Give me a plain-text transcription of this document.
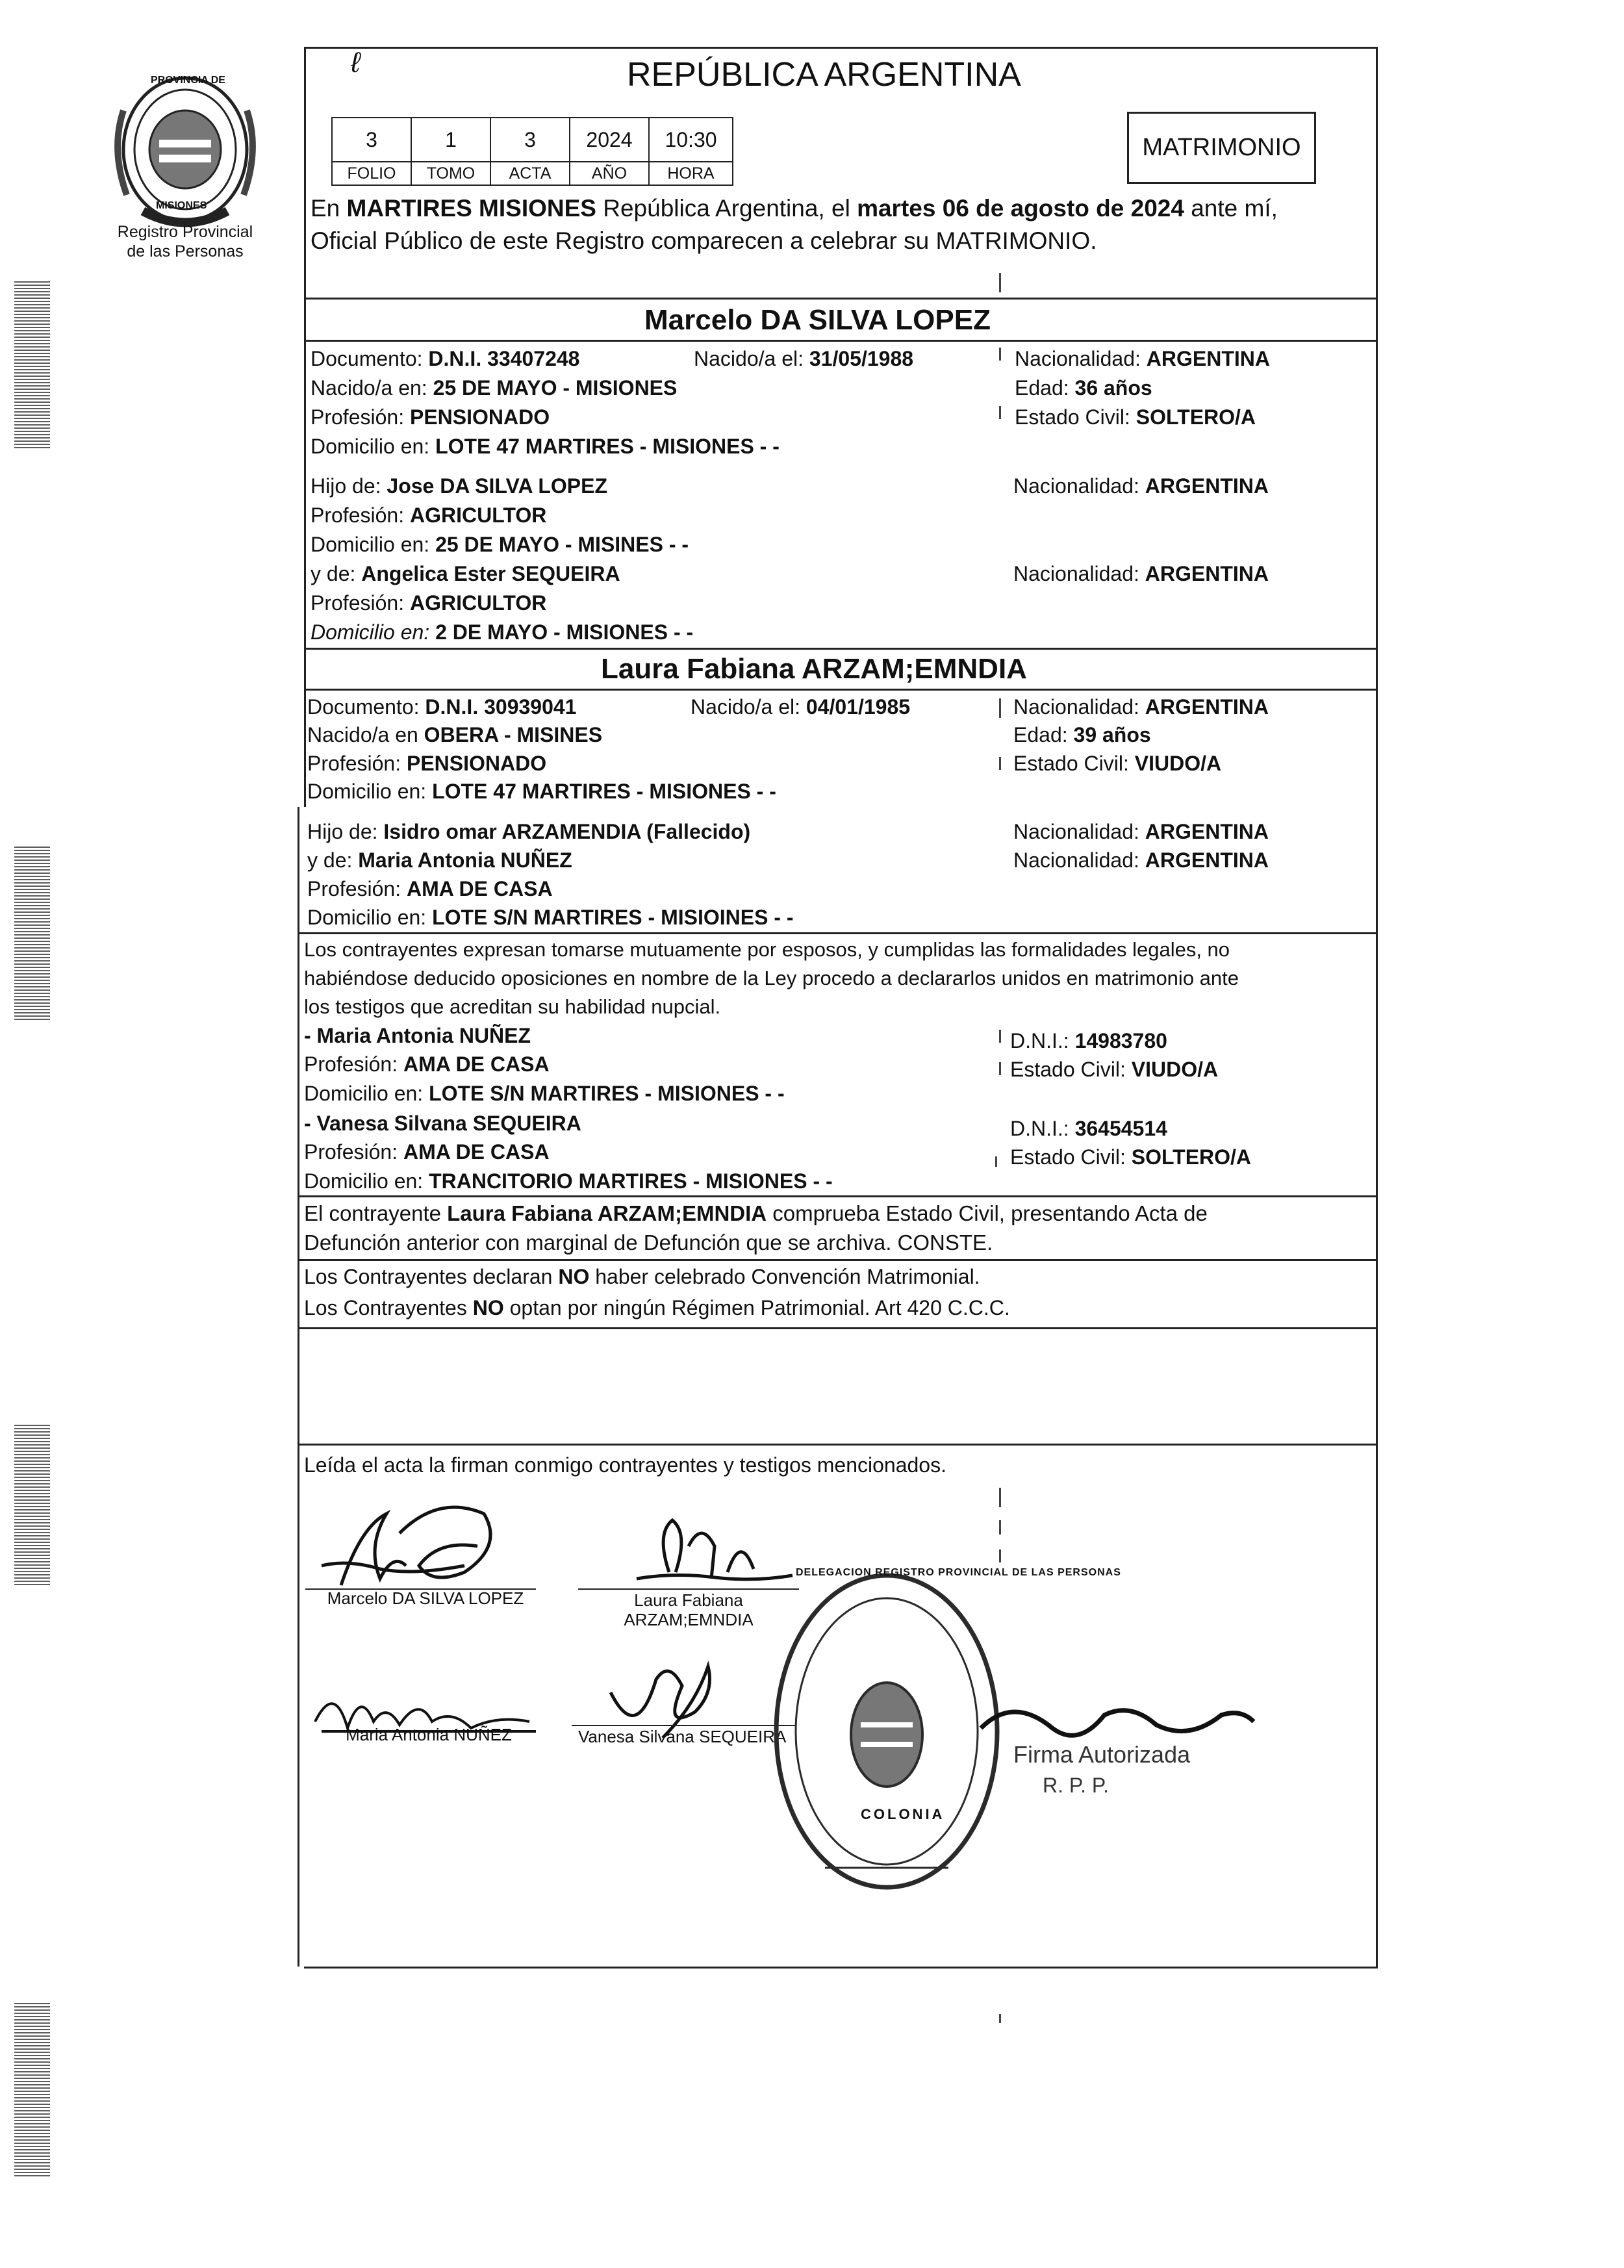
PROVINCIA DE
MISIONES
Registro Provincial
de las Personas
REPÚBLICA ARGENTINA
ℓ
3	1	3	2024	10:30
FOLIO	TOMO	ACTA	AÑO	HORA
MATRIMONIO
En MARTIRES MISIONES República Argentina, el martes 06 de agosto de 2024 ante mí,
Oficial Público de este Registro comparecen a celebrar su MATRIMONIO.
Marcelo DA SILVA LOPEZ
Documento: D.N.I. 33407248	Nacido/a el: 31/05/1988	Nacionalidad: ARGENTINA
Nacido/a en: 25 DE MAYO - MISIONES	Edad: 36 años
Profesión: PENSIONADO	Estado Civil: SOLTERO/A
Domicilio en: LOTE 47 MARTIRES - MISIONES - -
Hijo de: Jose DA SILVA LOPEZ	Nacionalidad: ARGENTINA
Profesión: AGRICULTOR
Domicilio en: 25 DE MAYO - MISINES - -
y de: Angelica Ester SEQUEIRA	Nacionalidad: ARGENTINA
Profesión: AGRICULTOR
Domicilio en: 2 DE MAYO - MISIONES - -
Laura Fabiana ARZAM;EMNDIA
Documento: D.N.I. 30939041	Nacido/a el: 04/01/1985	Nacionalidad: ARGENTINA
Nacido/a en OBERA - MISINES	Edad: 39 años
Profesión: PENSIONADO	Estado Civil: VIUDO/A
Domicilio en: LOTE 47 MARTIRES - MISIONES - -
Hijo de: Isidro omar ARZAMENDIA (Fallecido)	Nacionalidad: ARGENTINA
y de: Maria Antonia NUÑEZ	Nacionalidad: ARGENTINA
Profesión: AMA DE CASA
Domicilio en: LOTE S/N MARTIRES - MISIOINES - -
Los contrayentes expresan tomarse mutuamente por esposos, y cumplidas las formalidades legales, no
habiéndose deducido oposiciones en nombre de la Ley procedo a declararlos unidos en matrimonio ante
los testigos que acreditan su habilidad nupcial.
- Maria Antonia NUÑEZ	D.N.I.: 14983780
Profesión: AMA DE CASA	Estado Civil: VIUDO/A
Domicilio en: LOTE S/N MARTIRES - MISIONES - -
- Vanesa Silvana SEQUEIRA	D.N.I.: 36454514
Profesión: AMA DE CASA	Estado Civil: SOLTERO/A
Domicilio en: TRANCITORIO MARTIRES - MISIONES - -
El contrayente Laura Fabiana ARZAM;EMNDIA comprueba Estado Civil, presentando Acta de
Defunción anterior con marginal de Defunción que se archiva. CONSTE.
Los Contrayentes declaran NO haber celebrado Convención Matrimonial.
Los Contrayentes NO optan por ningún Régimen Patrimonial. Art 420 C.C.C.
Leída el acta la firman conmigo contrayentes y testigos mencionados.
Marcelo DA SILVA LOPEZ	Laura Fabiana
ARZAM;EMNDIA
Maria Antonia NUÑEZ	Vanesa Silvana SEQUEIRA
DELEGACION REGISTRO PROVINCIAL DE LAS PERSONAS
COLONIA
Firma Autorizada
R. P. P.
